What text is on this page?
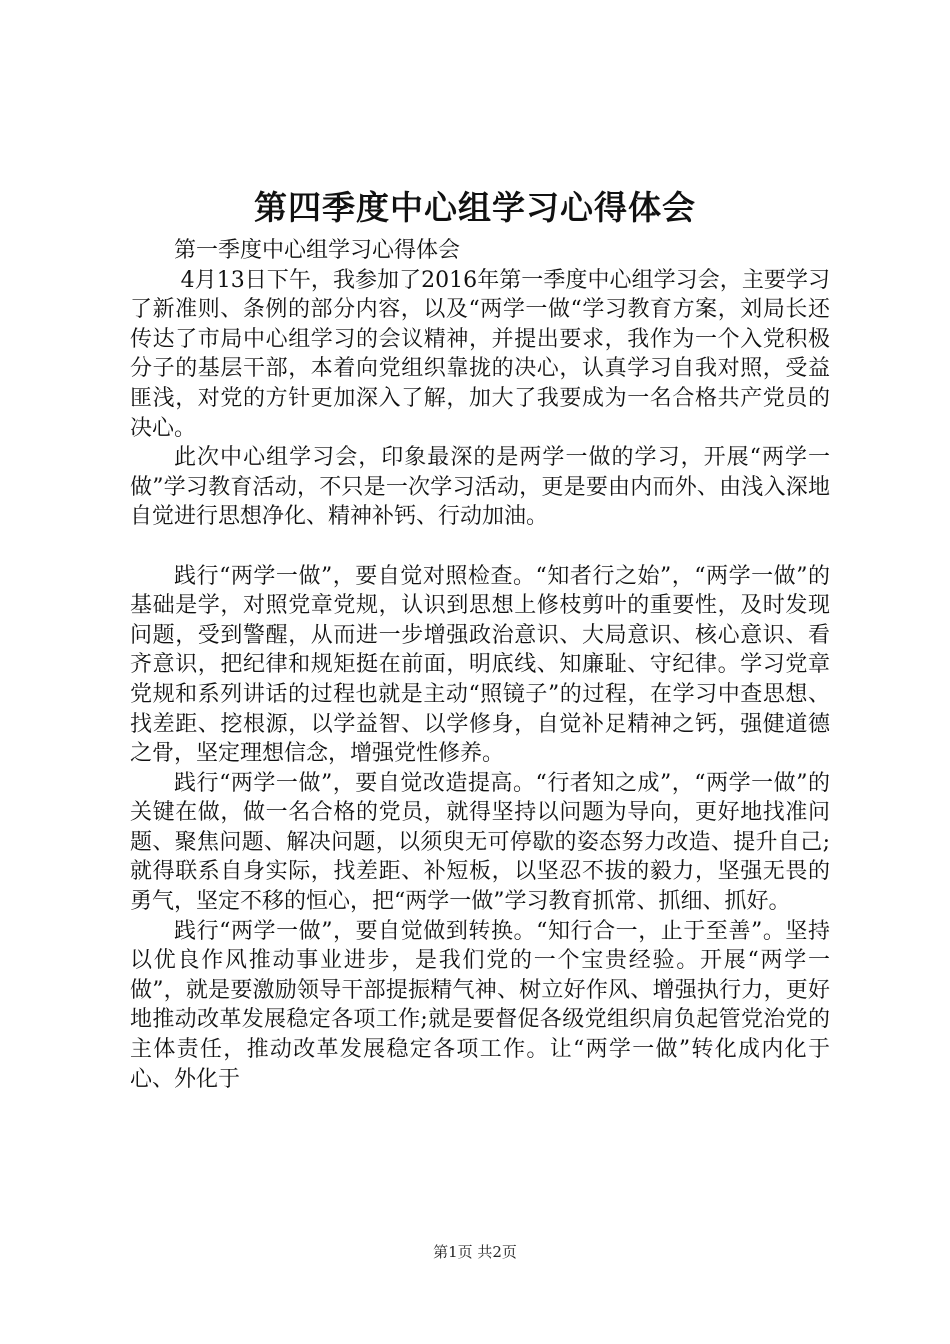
第四季度中心组学习心得体会

第一季度中心组学习心得体会

4月13日下午，我参加了2016年第一季度中心组学习会，主要学习了新准则、条例的部分内容，以及“两学一做“学习教育方案，刘局长还传达了市局中心组学习的会议精神，并提出要求，我作为一个入党积极分子的基层干部，本着向党组织靠拢的决心，认真学习自我对照，受益匪浅，对党的方针更加深入了解，加大了我要成为一名合格共产党员的决心。

此次中心组学习会，印象最深的是两学一做的学习，开展“两学一做”学习教育活动，不只是一次学习活动，更是要由内而外、由浅入深地自觉进行思想净化、精神补钙、行动加油。

践行“两学一做”，要自觉对照检查。“知者行之始”，“两学一做”的基础是学，对照党章党规，认识到思想上修枝剪叶的重要性，及时发现问题，受到警醒，从而进一步增强政治意识、大局意识、核心意识、看齐意识，把纪律和规矩挺在前面，明底线、知廉耻、守纪律。学习党章党规和系列讲话的过程也就是主动“照镜子”的过程，在学习中查思想、找差距、挖根源，以学益智、以学修身，自觉补足精神之钙，强健道德之骨，坚定理想信念，增强党性修养。

践行“两学一做”，要自觉改造提高。“行者知之成”，“两学一做”的关键在做，做一名合格的党员，就得坚持以问题为导向，更好地找准问题、聚焦问题、解决问题，以须臾无可停歇的姿态努力改造、提升自己;就得联系自身实际，找差距、补短板，以坚忍不拔的毅力，坚强无畏的勇气，坚定不移的恒心，把“两学一做”学习教育抓常、抓细、抓好。

践行“两学一做”，要自觉做到转换。“知行合一，止于至善”。坚持以优良作风推动事业进步，是我们党的一个宝贵经验。开展“两学一做”，就是要激励领导干部提振精气神、树立好作风、增强执行力，更好地推动改革发展稳定各项工作;就是要督促各级党组织肩负起管党治党的主体责任，推动改革发展稳定各项工作。让“两学一做”转化成内化于心、外化于

第1页 共2页
